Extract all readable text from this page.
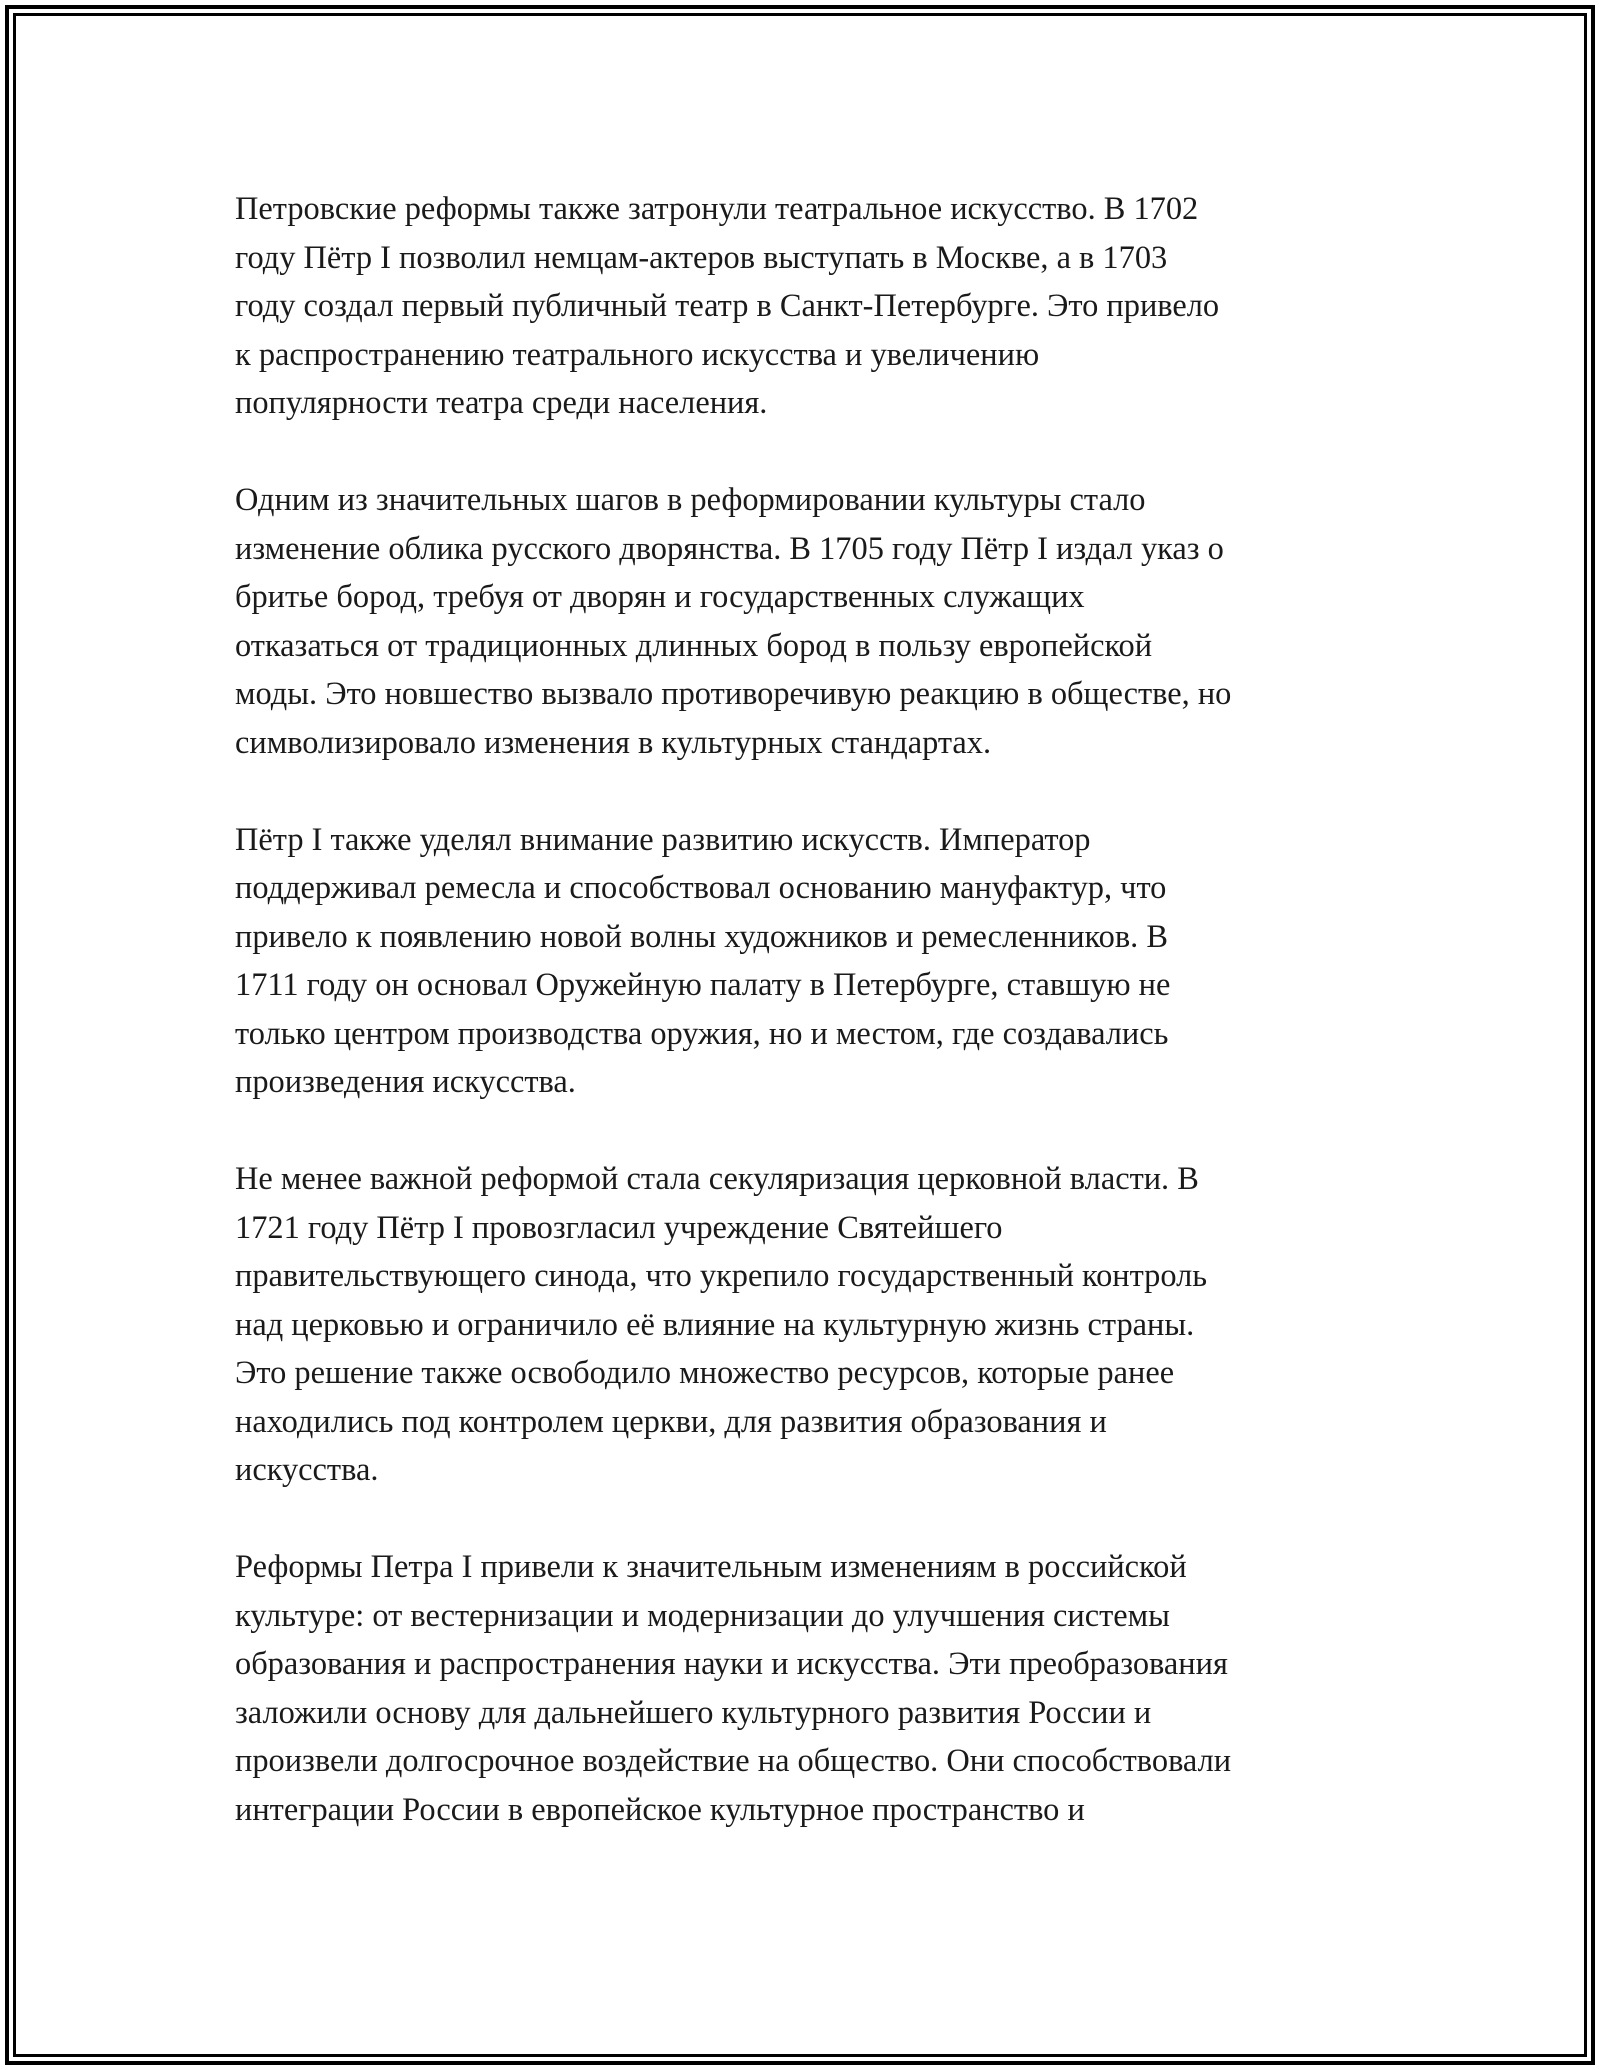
Петровские реформы также затронули театральное искусство. В 1702
году Пётр I позволил немцам-актеров выступать в Москве, а в 1703
году создал первый публичный театр в Санкт-Петербурге. Это привело
к распространению театрального искусства и увеличению
популярности театра среди населения.

Одним из значительных шагов в реформировании культуры стало
изменение облика русского дворянства. В 1705 году Пётр I издал указ о
бритье бород, требуя от дворян и государственных служащих
отказаться от традиционных длинных бород в пользу европейской
моды. Это новшество вызвало противоречивую реакцию в обществе, но
символизировало изменения в культурных стандартах.

Пётр I также уделял внимание развитию искусств. Император
поддерживал ремесла и способствовал основанию мануфактур, что
привело к появлению новой волны художников и ремесленников. В
1711 году он основал Оружейную палату в Петербурге, ставшую не
только центром производства оружия, но и местом, где создавались
произведения искусства.

Не менее важной реформой стала секуляризация церковной власти. В
1721 году Пётр I провозгласил учреждение Святейшего
правительствующего синода, что укрепило государственный контроль
над церковью и ограничило её влияние на культурную жизнь страны.
Это решение также освободило множество ресурсов, которые ранее
находились под контролем церкви, для развития образования и
искусства.

Реформы Петра I привели к значительным изменениям в российской
культуре: от вестернизации и модернизации до улучшения системы
образования и распространения науки и искусства. Эти преобразования
заложили основу для дальнейшего культурного развития России и
произвели долгосрочное воздействие на общество. Они способствовали
интеграции России в европейское культурное пространство и
